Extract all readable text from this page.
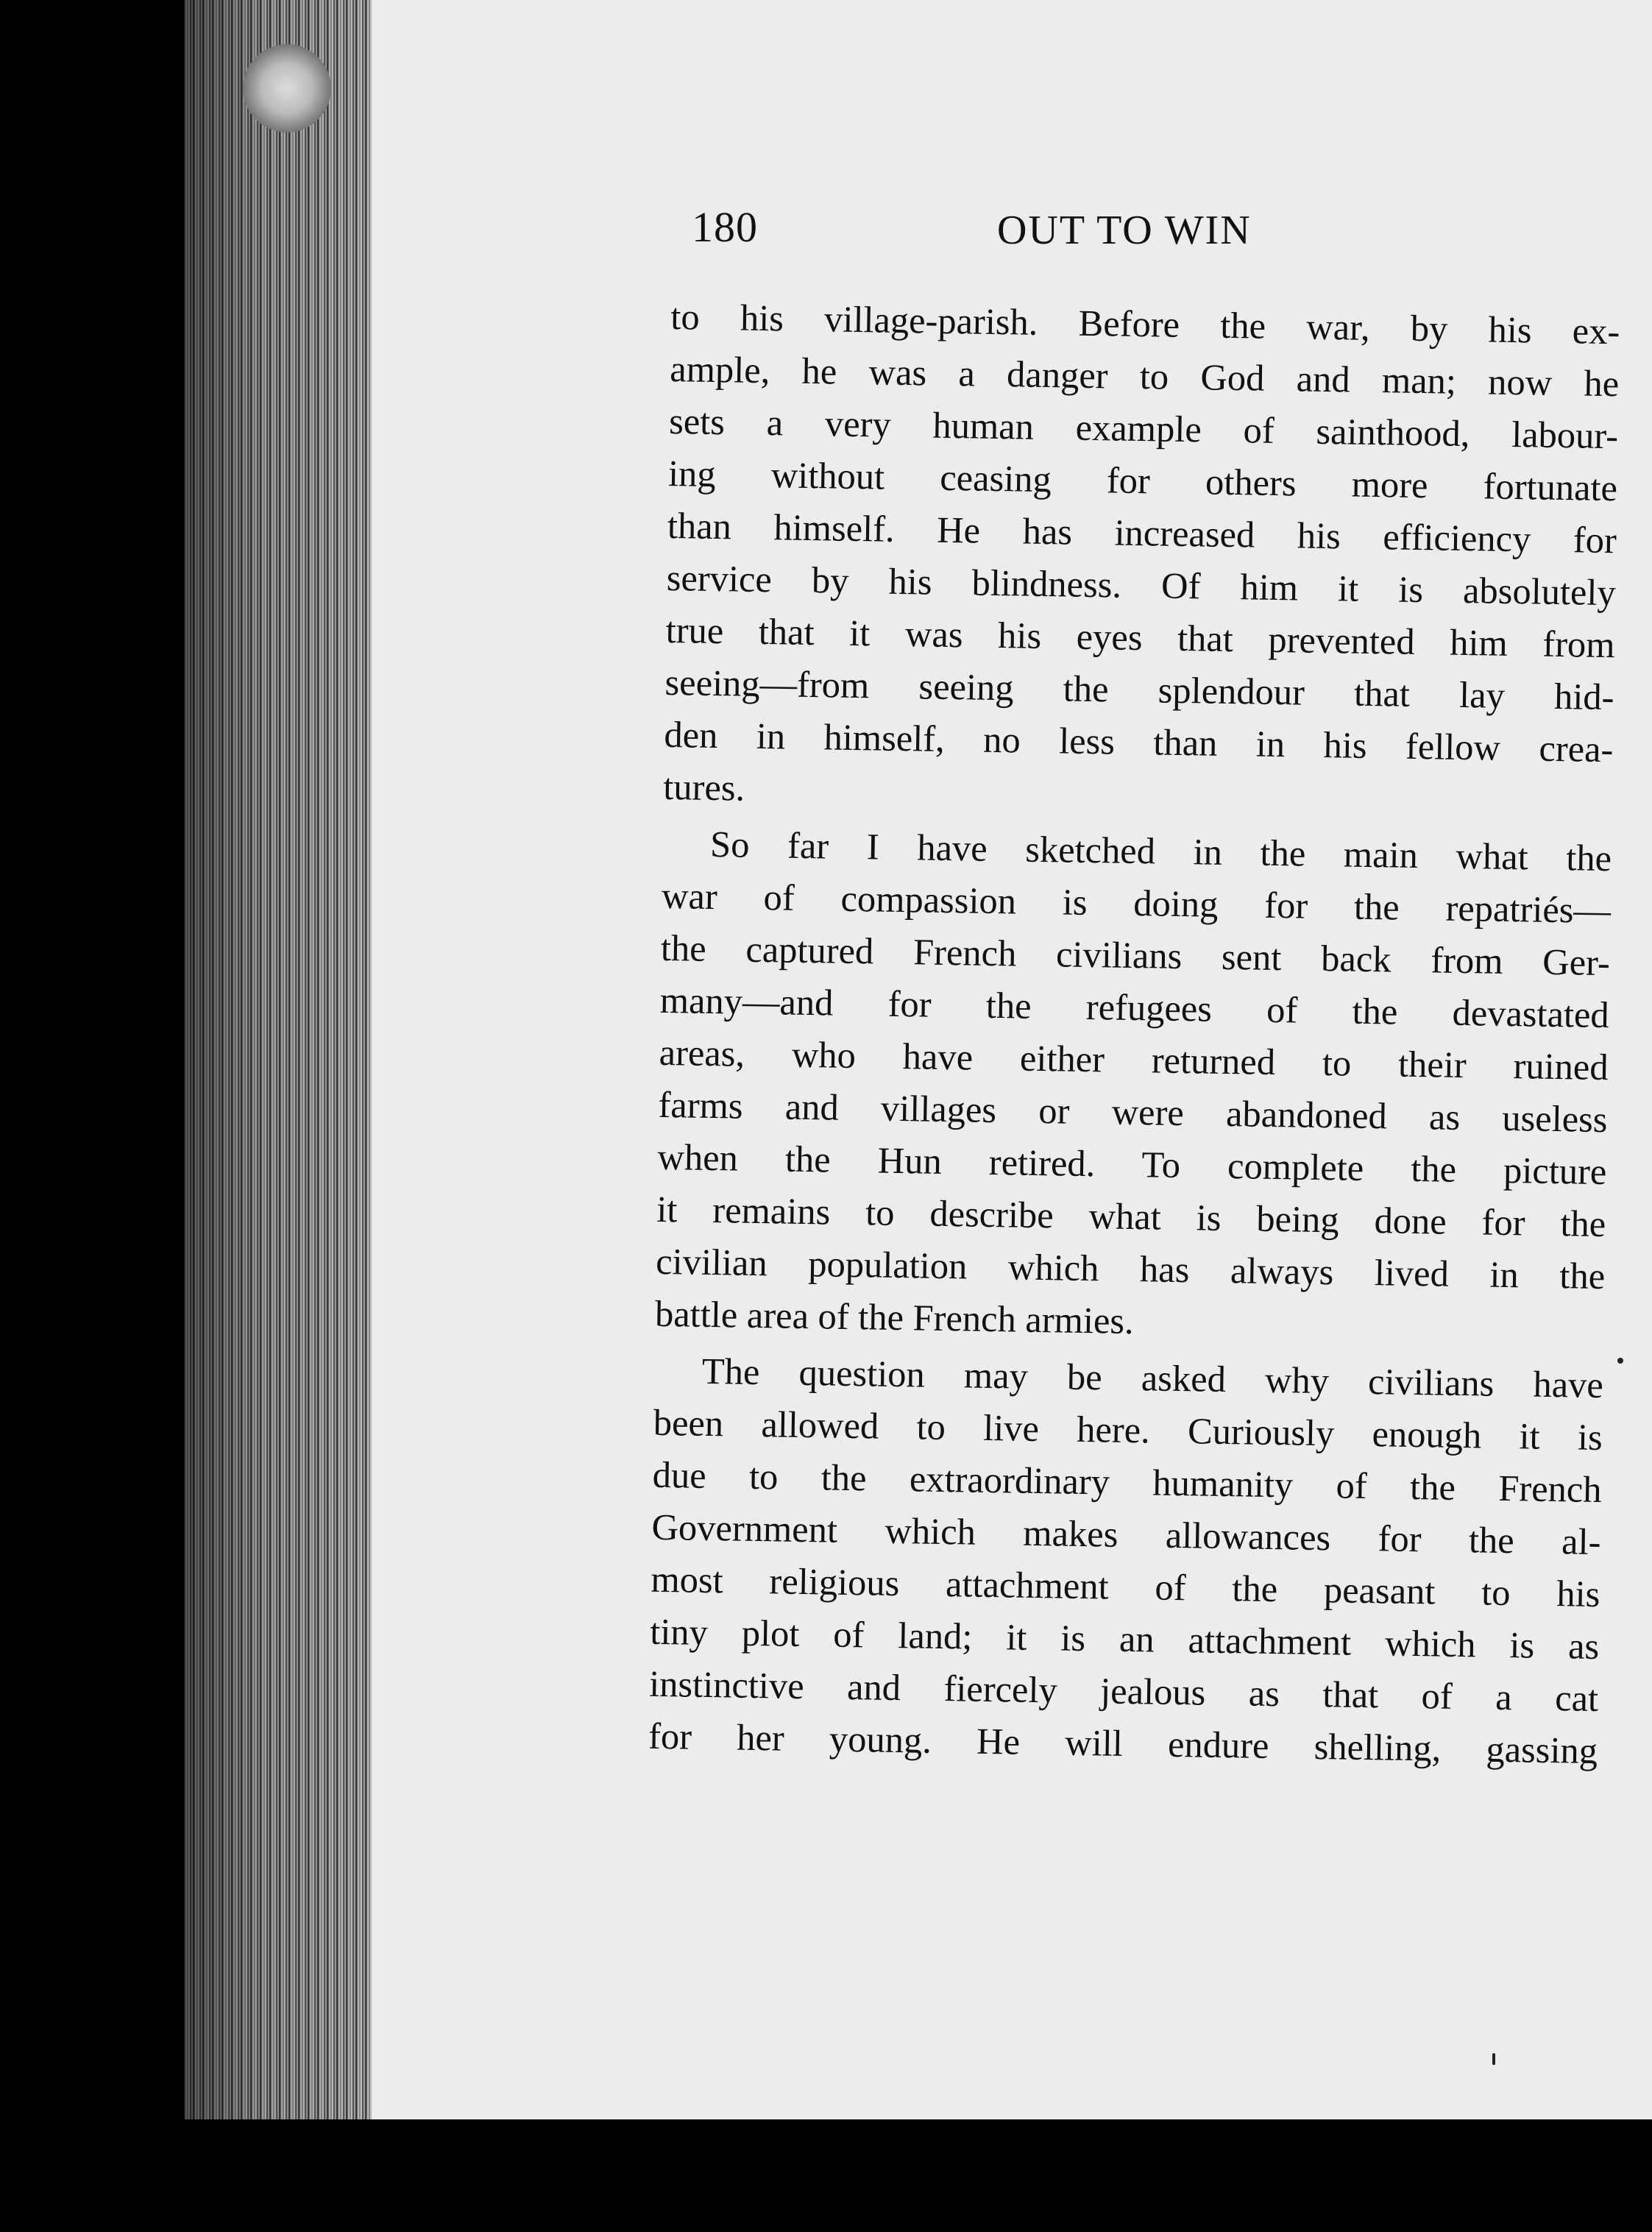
180	OUT TO WIN
to his village-parish. Before the war, by his ex-
ample, he was a danger to God and man; now he
sets a very human example of sainthood, labour-
ing without ceasing for others more fortunate
than himself. He has increased his efficiency for
service by his blindness. Of him it is absolutely
true that it was his eyes that prevented him from
seeing—from seeing the splendour that lay hid-
den in himself, no less than in his fellow crea-
tures.
So far I have sketched in the main what the
war of compassion is doing for the repatriés—
the captured French civilians sent back from Ger-
many—and for the refugees of the devastated
areas, who have either returned to their ruined
farms and villages or were abandoned as useless
when the Hun retired. To complete the picture
it remains to describe what is being done for the
civilian population which has always lived in the
battle area of the French armies.
The question may be asked why civilians have
been allowed to live here. Curiously enough it is
due to the extraordinary humanity of the French
Government which makes allowances for the al-
most religious attachment of the peasant to his
tiny plot of land; it is an attachment which is as
instinctive and fiercely jealous as that of a cat
for her young. He will endure shelling, gassing
